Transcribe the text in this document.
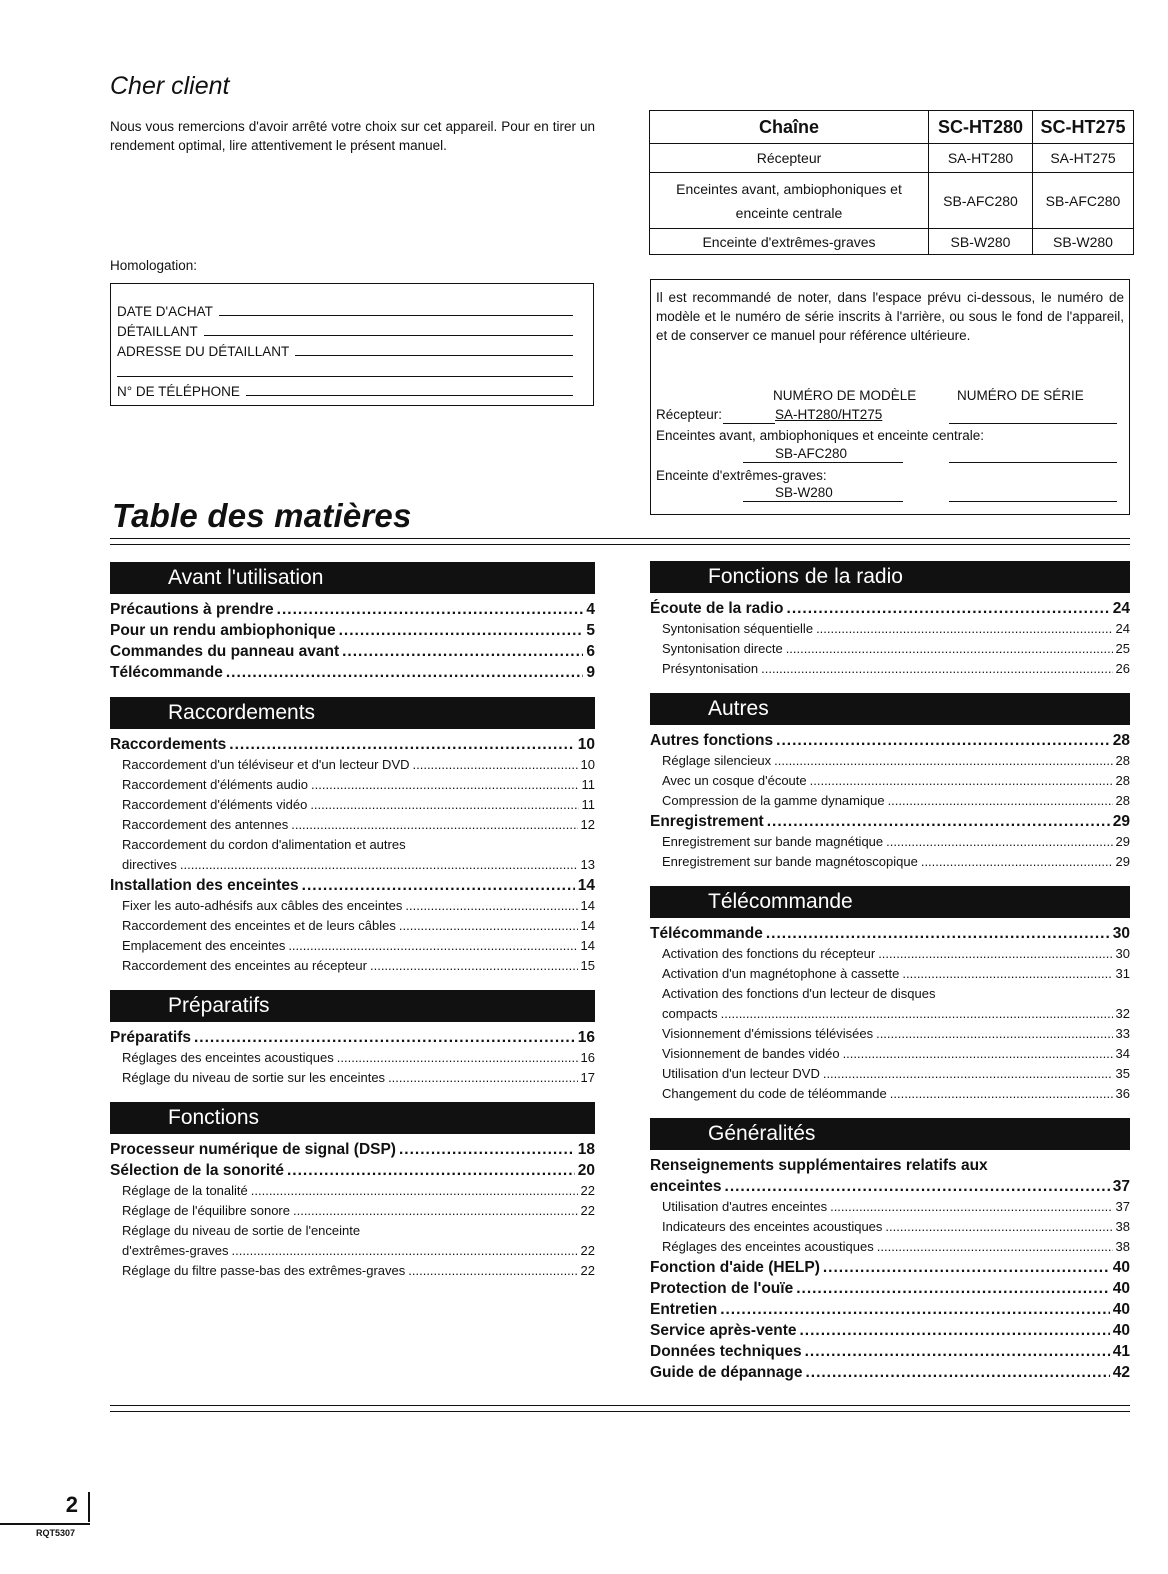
Cher client
Nous vous remercions d'avoir arrêté votre choix sur cet appareil. Pour en tirer un rendement optimal, lire attentivement le présent manuel.
Homologation:
DATE D'ACHAT
DÉTAILLANT
ADRESSE DU DÉTAILLANT
N° DE TÉLÉPHONE
Chaîne	SC-HT280	SC-HT275
Récepteur	SA-HT280	SA-HT275
Enceintes avant, ambiophoniques et enceinte centrale	SB-AFC280	SB-AFC280
Enceinte d'extrêmes-graves	SB-W280	SB-W280
Il est recommandé de noter, dans l'espace prévu ci-dessous, le numéro de modèle et le numéro de série inscrits à l'arrière, ou sous le fond de l'appareil, et de conserver ce manuel pour référence ultérieure.
NUMÉRO DE MODÈLE	NUMÉRO DE SÉRIE
Récepteur:	SA-HT280/HT275
Enceintes avant, ambiophoniques et enceinte centrale:
SB-AFC280
Enceinte d'extrêmes-graves:
SB-W280
Table des matières
Avant l'utilisation
Précautions à prendre .....	4
Pour un rendu ambiophonique .....	5
Commandes du panneau avant .....	6
Télécommande .....	9
Raccordements
Raccordements .....	10
Raccordement d'un téléviseur et d'un lecteur DVD .....	10
Raccordement d'éléments audio .....	11
Raccordement d'éléments vidéo .....	11
Raccordement des antennes .....	12
Raccordement du cordon d'alimentation et autres
directives .....	13
Installation des enceintes .....	14
Fixer les auto-adhésifs aux câbles des enceintes .....	14
Raccordement des enceintes et de leurs câbles .....	14
Emplacement des enceintes .....	14
Raccordement des enceintes au récepteur .....	15
Préparatifs
Préparatifs .....	16
Réglages des enceintes acoustiques .....	16
Réglage du niveau de sortie sur les enceintes .....	17
Fonctions
Processeur numérique de signal (DSP) .....	18
Sélection de la sonorité .....	20
Réglage de la tonalité .....	22
Réglage de l'équilibre sonore .....	22
Réglage du niveau de sortie de l'enceinte
d'extrêmes-graves .....	22
Réglage du filtre passe-bas des extrêmes-graves .....	22
Fonctions de la radio
Écoute de la radio .....	24
Syntonisation séquentielle .....	24
Syntonisation directe .....	25
Présyntonisation .....	26
Autres
Autres fonctions .....	28
Réglage silencieux .....	28
Avec un cosque d'écoute .....	28
Compression de la gamme dynamique .....	28
Enregistrement .....	29
Enregistrement sur bande magnétique .....	29
Enregistrement sur bande magnétoscopique .....	29
Télécommande
Télécommande .....	30
Activation des fonctions du récepteur .....	30
Activation d'un magnétophone à cassette .....	31
Activation des fonctions d'un lecteur de disques
compacts .....	32
Visionnement d'émissions télévisées .....	33
Visionnement de bandes vidéo .....	34
Utilisation d'un lecteur DVD .....	35
Changement du code de téléommande .....	36
Généralités
Renseignements supplémentaires relatifs aux
enceintes .....	37
Utilisation d'autres enceintes .....	37
Indicateurs des enceintes acoustiques .....	38
Réglages des enceintes acoustiques .....	38
Fonction d'aide (HELP) .....	40
Protection de l'ouïe .....	40
Entretien .....	40
Service après-vente .....	40
Données techniques .....	41
Guide de dépannage .....	42
2
RQT5307
